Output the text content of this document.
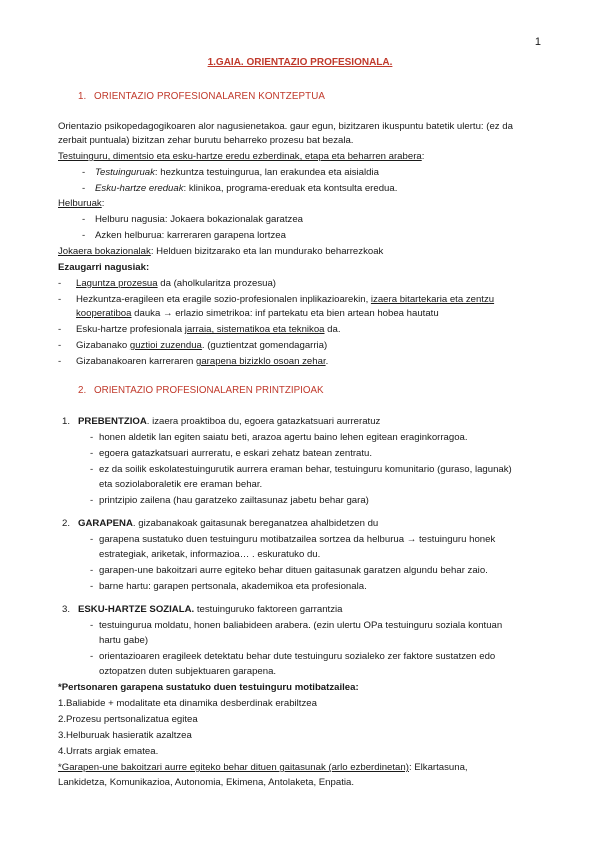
1
1.GAIA. ORIENTAZIO PROFESIONALA.
1. ORIENTAZIO PROFESIONALAREN KONTZEPTUA
Orientazio psikopedagogikoaren alor nagusienetakoa. gaur egun, bizitzaren ikuspuntu batetik ulertu: (ez da
zerbait puntuala) bizitzan zehar burutu beharreko prozesu bat bezala.
Testuinguru, dimentsio eta esku-hartze eredu ezberdinak, etapa eta beharren arabera:
- Testuinguruak: hezkuntza testuingurua, lan erakundea eta aisialdia
- Esku-hartze ereduak: klinikoa, programa-ereduak eta kontsulta eredua.
Helburuak:
- Helburu nagusia: Jokaera bokazionalak garatzea
- Azken helburua: karreraren garapena lortzea
Jokaera bokazionalak: Helduen bizitzarako eta lan mundurako beharrezkoak
Ezaugarri nagusiak:
- Laguntza prozesua da (aholkularitza prozesua)
- Hezkuntza-eragileen eta eragile sozio-profesionalen inplikazioarekin, izaera bitartekaria eta zentzu
kooperatiboa dauka → erlazio simetrikoa: inf partekatu eta bien artean hobea hautatu
- Esku-hartze profesionala jarraia, sistematikoa eta teknikoa da.
- Gizabanako guztioi zuzendua. (guztientzat gomendagarria)
- Gizabanakoaren karreraren garapena bizizklo osoan zehar.
2. ORIENTAZIO PROFESIONALAREN PRINTZIPIOAK
1. PREBENTZIOA. izaera proaktiboa du, egoera gatazkatsuari aurreratuz
- honen aldetik lan egiten saiatu beti, arazoa agertu baino lehen egitean eraginkorragoa.
- egoera gatazkatsuari aurreratu, e eskari zehatz batean zentratu.
- ez da soilik eskolatestuingurutik aurrera eraman behar, testuinguru komunitario (guraso, lagunak)
eta soziolaboraletik ere eraman behar.
- printzipio zailena (hau garatzeko zailtasunaz jabetu behar gara)
2. GARAPENA. gizabanakoak gaitasunak bereganatzea ahalbidetzen du
- garapena sustatuko duen testuinguru motibatzailea sortzea da helburua → testuinguru honek
estrategiak, ariketak, informazioa… . eskuratuko du.
- garapen-une bakoitzari aurre egiteko behar dituen gaitasunak garatzen algundu behar zaio.
- barne hartu: garapen pertsonala, akademikoa eta profesionala.
3. ESKU-HARTZE SOZIALA. testuinguruko faktoreen garrantzia
- testuingurua moldatu, honen baliabideen arabera. (ezin ulertu OPa testuinguru soziala kontuan
hartu gabe)
- orientazioaren eragileek detektatu behar dute testuinguru sozialeko zer faktore sustatzen edo
oztopatzen duten subjektuaren garapena.
*Pertsonaren garapena sustatuko duen testuinguru motibatzailea:
1.Baliabide + modalitate eta dinamika desberdinak erabiltzea
2.Prozesu pertsonalizatua egitea
3.Helburuak hasieratik azaltzea
4.Urrats argiak ematea.
*Garapen-une bakoitzari aurre egiteko behar dituen gaitasunak (arlo ezberdinetan): Elkartasuna,
Lankidetza, Komunikazioa, Autonomia, Ekimena, Antolaketa, Enpatia.
